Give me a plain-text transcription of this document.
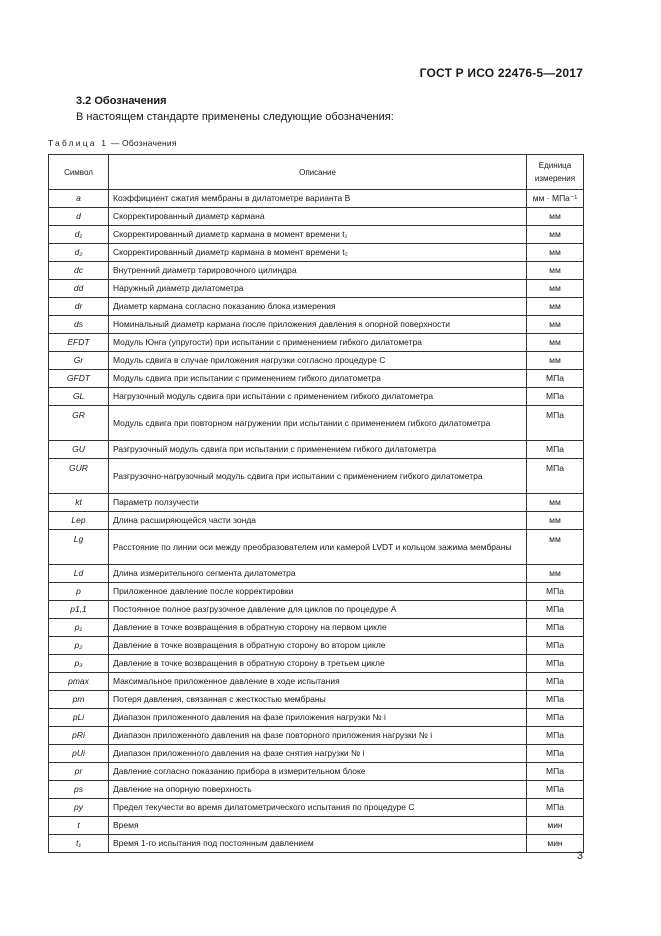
ГОСТ Р ИСО 22476-5—2017
3.2 Обозначения
В настоящем стандарте применены следующие обозначения:
Таблица 1 — Обозначения
Символ	Описание	Единица измерения
a	Коэффициент сжатия мембраны в дилатометре варианта B	мм · МПа⁻¹
d	Скорректированный диаметр кармана	мм
d₁	Скорректированный диаметр кармана в момент времени t₁	мм
d₂	Скорректированный диаметр кармана в момент времени t₂	мм
dc	Внутренний диаметр тарировочного цилиндра	мм
dd	Наружный диаметр дилатометра	мм
dr	Диаметр кармана согласно показанию блока измерения	мм
ds	Номинальный диаметр кармана после приложения давления к опорной поверхности	мм
EFDT	Модуль Юнга (упругости) при испытании с применением гибкого дилатометра	мм
Gr	Модуль сдвига в случае приложения нагрузки согласно процедуре C	мм
GFDT	Модуль сдвига при испытании с применением гибкого дилатометра	МПа
GL	Нагрузочный модуль сдвига при испытании с применением гибкого дилатометра	МПа
GR	Модуль сдвига при повторном нагружении при испытании с применением гибкого дилатометра	МПа
GU	Разгрузочный модуль сдвига при испытании с применением гибкого дилатометра	МПа
GUR	Разгрузочно-нагрузочный модуль сдвига при испытании с применением гибкого дилатометра	МПа
kt	Параметр ползучести	мм
Lep	Длина расширяющейся части зонда	мм
Lg	Расстояние по линии оси между преобразователем или камерой LVDT и кольцом зажима мембраны	мм
Ld	Длина измерительного сегмента дилатометра	мм
p	Приложенное давление после корректировки	МПа
p1,1	Постоянное полное разгрузочное давление для циклов по процедуре А	МПа
p₁	Давление в точке возвращения в обратную сторону на первом цикле	МПа
p₂	Давление в точке возвращения в обратную сторону во втором цикле	МПа
p₃	Давление в точке возвращения в обратную сторону в третьем цикле	МПа
pmax	Максимальное приложенное давление в ходе испытания	МПа
pm	Потеря давления, связанная с жесткостью мембраны	МПа
pLi	Диапазон приложенного давления на фазе приложения нагрузки № i	МПа
pRi	Диапазон приложенного давления на фазе повторного приложения нагрузки № i	МПа
pUi	Диапазон приложенного давления на фазе снятия нагрузки № i	МПа
pr	Давление согласно показанию прибора в измерительном блоке	МПа
ps	Давление на опорную поверхность	МПа
py	Предел текучести во время дилатометрического испытания по процедуре C	МПа
t	Время	мин
t₁	Время 1-го испытания под постоянным давлением	мин
3
